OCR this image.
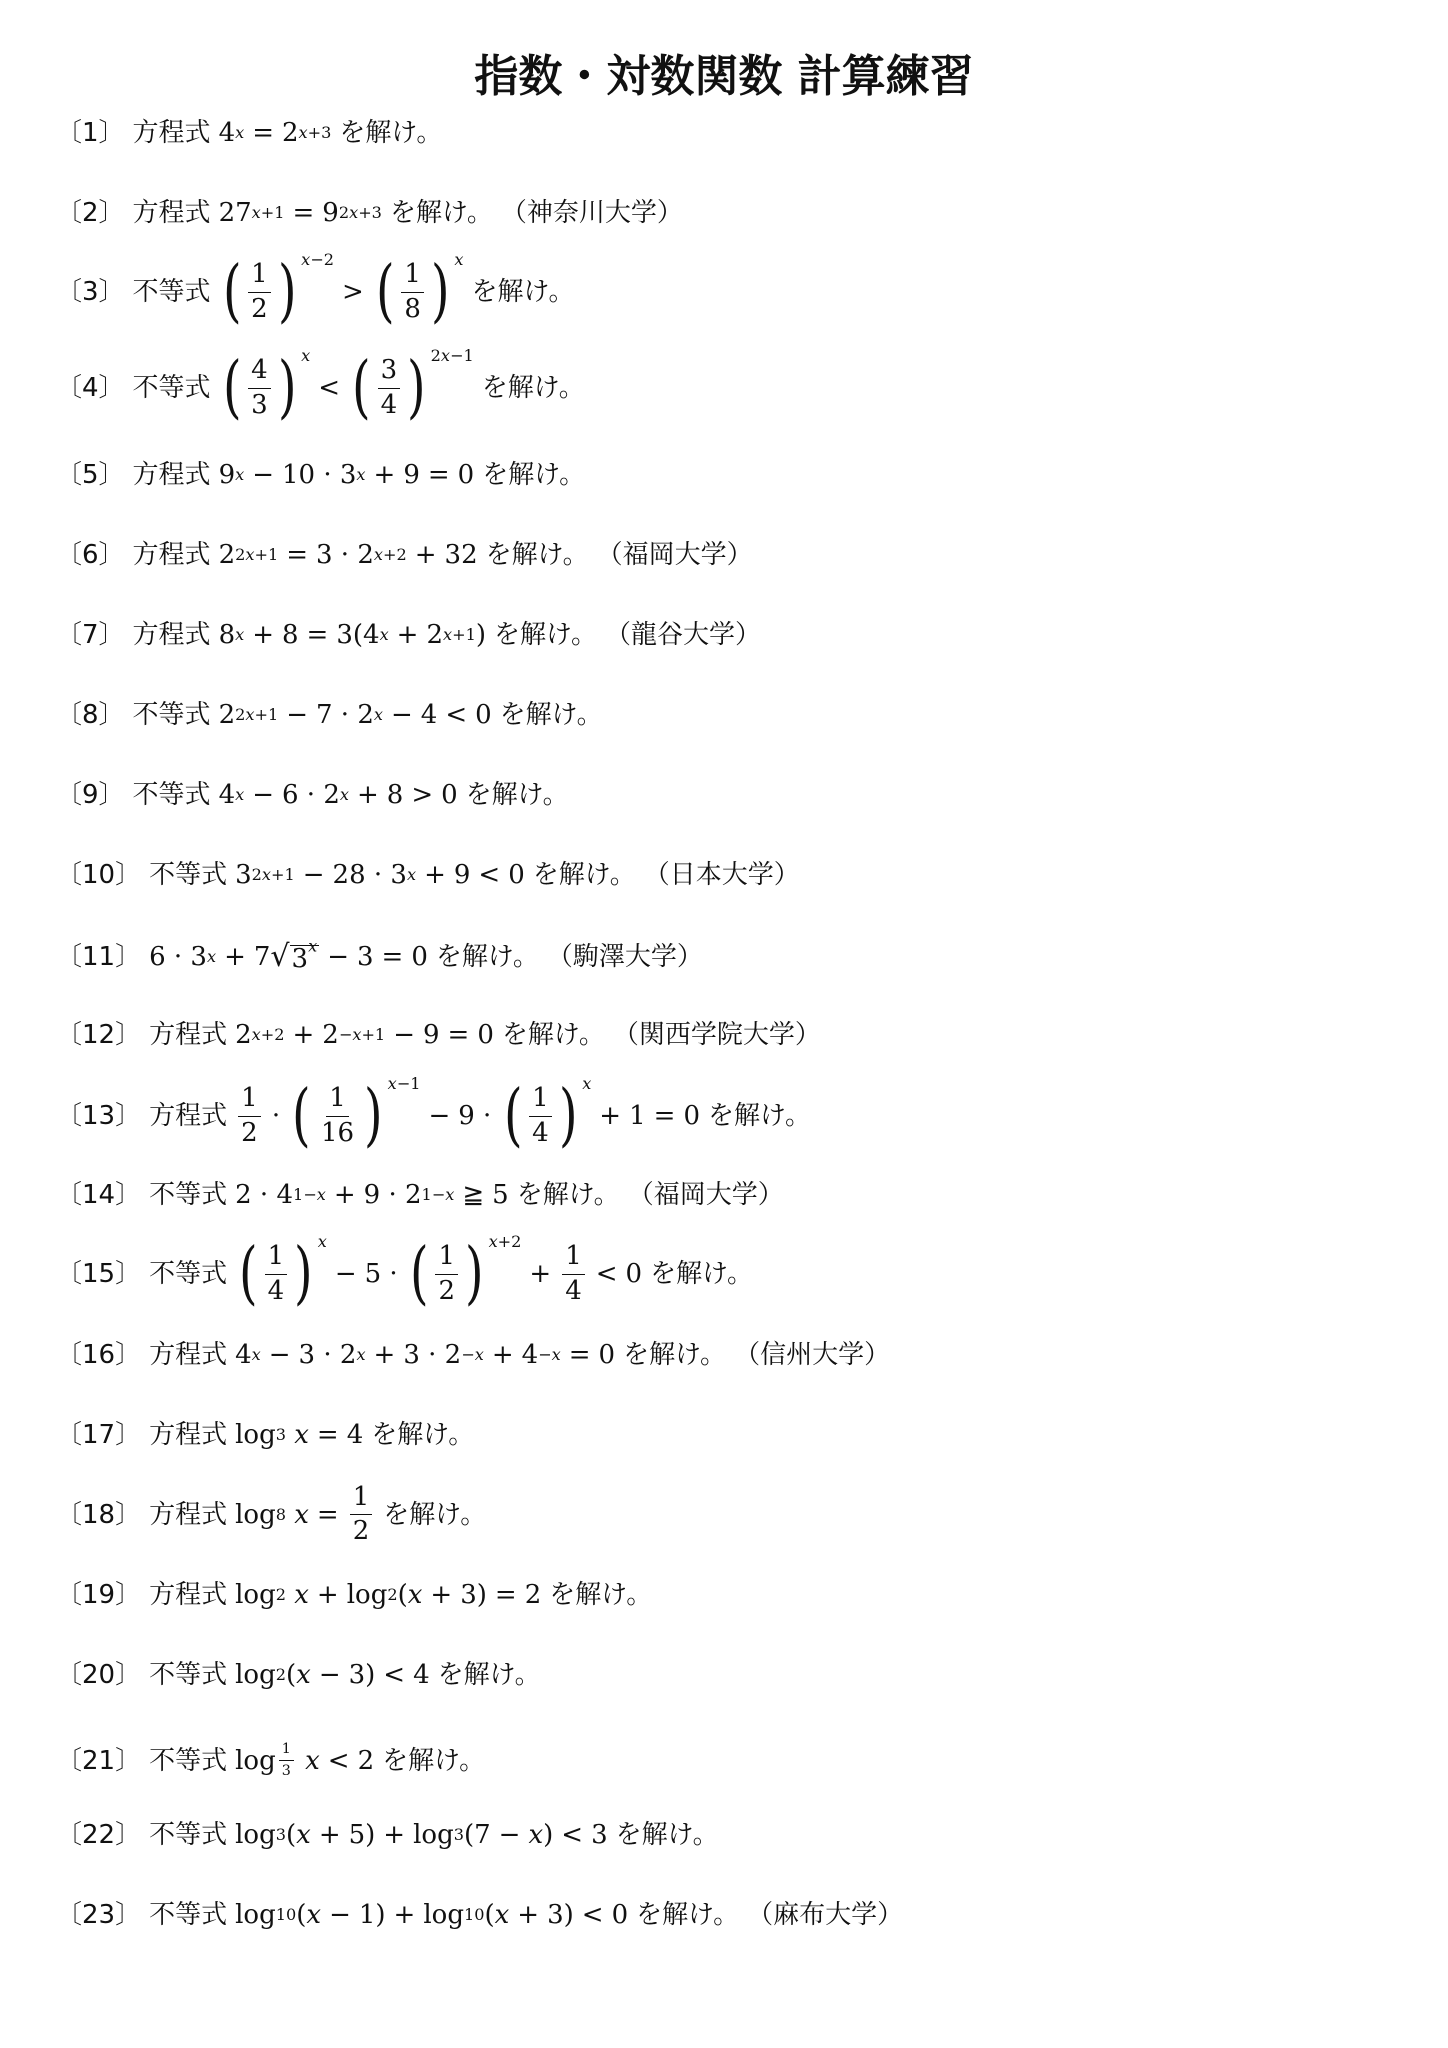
指数・対数関数 計算練習
〔1〕 方程式 4 x = 2 x+3 を解け。
〔2〕 方程式 27 x+1 = 9 2x+3 を解け。 （神奈川大学）
〔3〕 不等式 ( $\frac{1}{2}$ ) x−2
> ( $\frac{1}{8}$ ) x
を解け。
〔4〕 不等式 ( $\frac{4}{3}$ ) x
< ( $\frac{3}{4}$ ) 2x−1
を解け。
〔5〕 方程式 9 x − 10 · 3 x + 9 = 0 を解け。
〔6〕 方程式 2 2x+1 = 3 · 2 x+2 + 32 を解け。 （福岡大学）
〔7〕 方程式 8 x + 8 = 3(4 x + 2 x+1 ) を解け。 （龍谷大学）
〔8〕 不等式 2 2x+1 − 7 · 2 x − 4 < 0 を解け。
〔9〕 不等式 4 x − 6 · 2 x + 8 > 0 を解け。
〔10〕 不等式 3 2x+1 − 28 · 3 x + 9 < 0 を解け。 （日本大学）
〔11〕 6 · 3 x + 7 √ $3^x - 3 = 0$ を解け。 （駒澤大学）
〔12〕 方程式 2 x+2 + 2 −x+1 − 9 = 0 を解け。 （関西学院大学）
〔13〕 方程式 $\frac{1}{2}$ · ( $\frac{1}{16}$ ) x−1
− 9 · ( $\frac{1}{4}$ ) x
+ 1 = 0 を解け。
〔14〕 不等式 2 · 4 1−x + 9 · 2 1−x ≧ 5 を解け。 （福岡大学）
〔15〕 不等式 ( $\frac{1}{4}$ ) x
− 5 · ( $\frac{1}{2}$ ) x+2
+ $\frac{1}{4} < 0$ を解け。
〔16〕 方程式 4 x − 3 · 2 x + 3 · 2 −x + 4 −x = 0 を解け。 （信州大学）
〔17〕 方程式 log 3
x = 4 を解け。
〔18〕 方程式 log 8
$x = \frac{1}{2}$ を解け。
〔19〕 方程式 log 2
x + log 2 ( x + 3) = 2 を解け。
〔20〕 不等式 log 2 ( x − 3) < 4 を解け。
〔21〕 不等式 $\log \frac{1}{3}$
x < 2 を解け。
〔22〕 不等式 log 3 ( x + 5) + log 3 (7 − x ) < 3 を解け。
〔23〕 不等式 log 10 ( x − 1) + log 10 ( x + 3) < 0 を解け。 （麻布大学）
